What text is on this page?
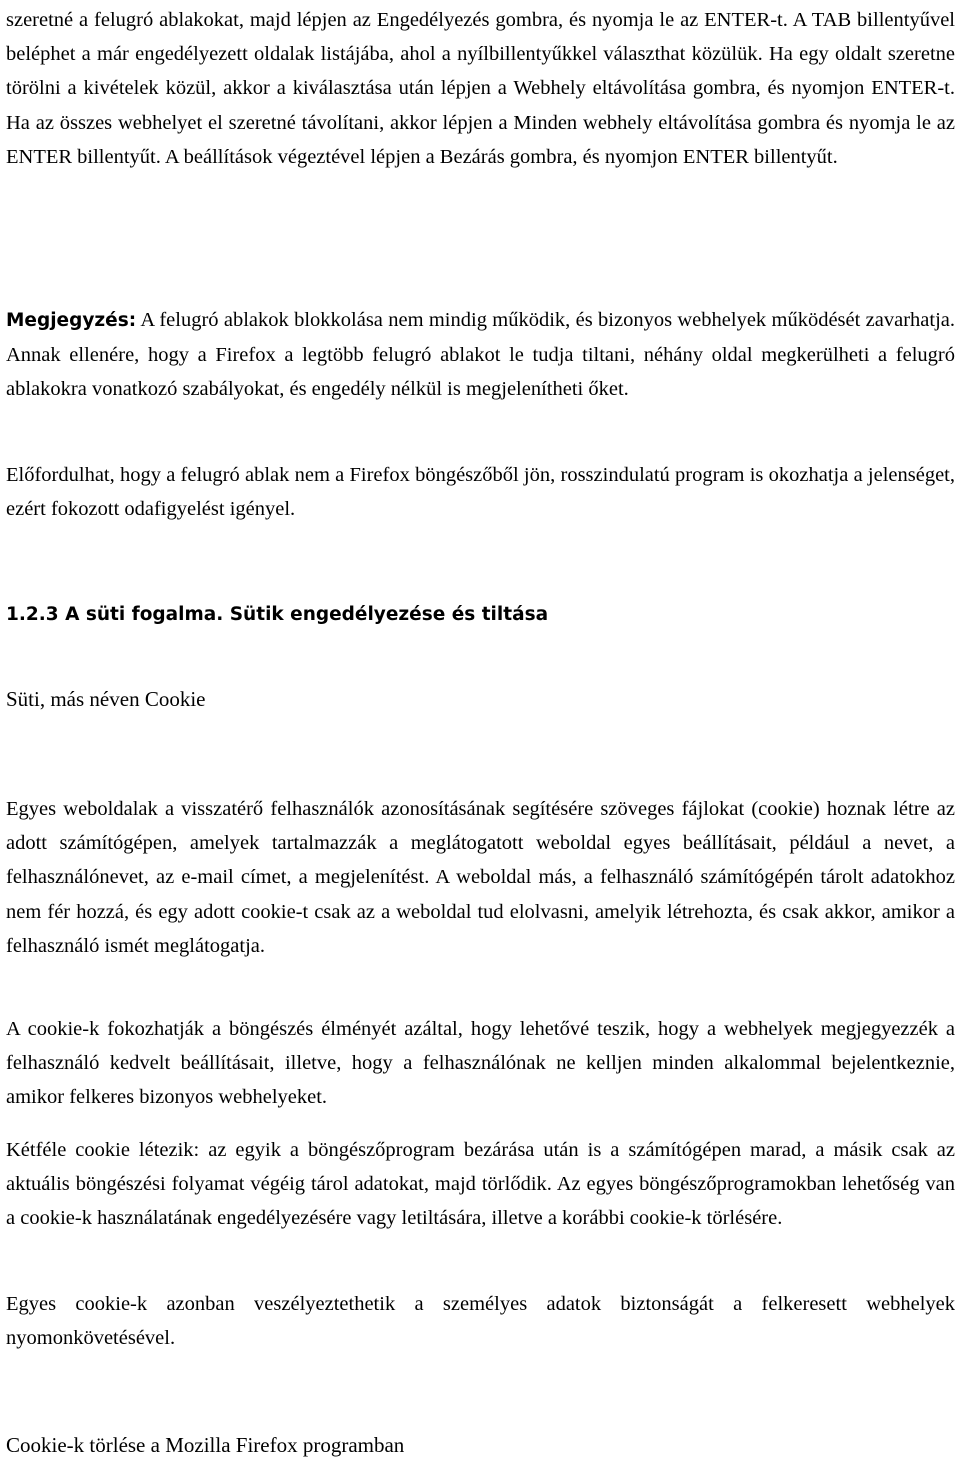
szeretné a felugró ablakokat, majd lépjen az Engedélyezés gombra, és nyomja le az ENTER-t. A TAB billentyűvel beléphet a már engedélyezett oldalak listájába, ahol a nyílbillentyűkkel választhat közülük. Ha egy oldalt szeretne törölni a kivételek közül, akkor a kiválasztása után lépjen a Webhely eltávolítása gombra, és nyomjon ENTER-t. Ha az összes webhelyet el szeretné távolítani, akkor lépjen a Minden webhely eltávolítása gombra és nyomja le az ENTER billentyűt. A beállítások végeztével lépjen a Bezárás gombra, és nyomjon ENTER billentyűt.

Megjegyzés: A felugró ablakok blokkolása nem mindig működik, és bizonyos webhelyek működését zavarhatja. Annak ellenére, hogy a Firefox a legtöbb felugró ablakot le tudja tiltani, néhány oldal megkerülheti a felugró ablakokra vonatkozó szabályokat, és engedély nélkül is megjelenítheti őket.

Előfordulhat, hogy a felugró ablak nem a Firefox böngészőből jön, rosszindulatú program is okozhatja a jelenséget, ezért fokozott odafigyelést igényel.

1.2.3 A süti fogalma. Sütik engedélyezése és tiltása

Süti, más néven Cookie

Egyes weboldalak a visszatérő felhasználók azonosításának segítésére szöveges fájlokat (cookie) hoznak létre az adott számítógépen, amelyek tartalmazzák a meglátogatott weboldal egyes beállításait, például a nevet, a felhasználónevet, az e-mail címet, a megjelenítést. A weboldal más, a felhasználó számítógépén tárolt adatokhoz nem fér hozzá, és egy adott cookie-t csak az a weboldal tud elolvasni, amelyik létrehozta, és csak akkor, amikor a felhasználó ismét meglátogatja.

A cookie-k fokozhatják a böngészés élményét azáltal, hogy lehetővé teszik, hogy a webhelyek megjegyezzék a felhasználó kedvelt beállításait, illetve, hogy a felhasználónak ne kelljen minden alkalommal bejelentkeznie, amikor felkeres bizonyos webhelyeket.

Kétféle cookie létezik: az egyik a böngészőprogram bezárása után is a számítógépen marad, a másik csak az aktuális böngészési folyamat végéig tárol adatokat, majd törlődik. Az egyes böngészőprogramokban lehetőség van a cookie-k használatának engedélyezésére vagy letiltására, illetve a korábbi cookie-k törlésére.

Egyes cookie-k azonban veszélyeztethetik a személyes adatok biztonságát a felkeresett webhelyek nyomonkövetésével.

Cookie-k törlése a Mozilla Firefox programban
